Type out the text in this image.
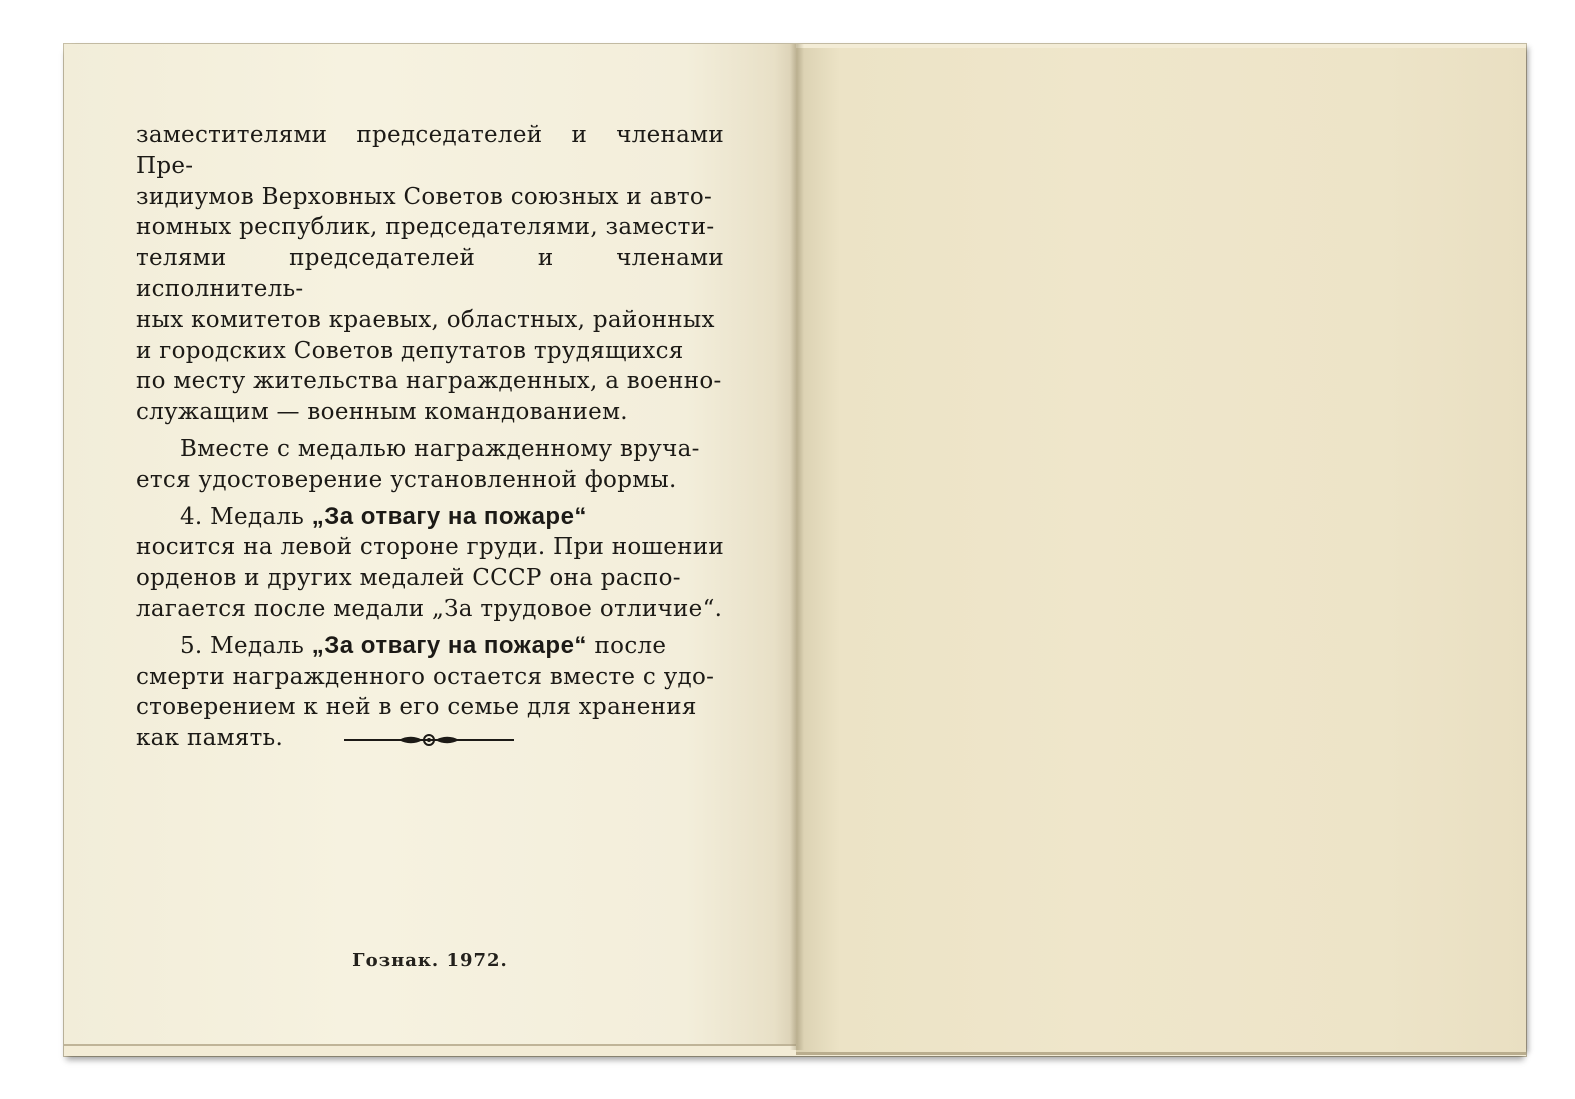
заместителями председателей и членами Пре-
зидиумов Верховных Советов союзных и авто-
номных республик, председателями, замести-
телями председателей и членами исполнитель-
ных комитетов краевых, областных, районных
и городских Советов депутатов трудящихся
по месту жительства награжденных, а военно-
служащим — военным командованием.

Вместе с медалью награжденному вруча-
ется удостоверение установленной формы.

4. Медаль „За отвагу на пожаре“
носится на левой стороне груди. При ношении
орденов и других медалей СССР она распо-
лагается после медали „За трудовое отличие“.

5. Медаль „За отвагу на пожаре“ после
смерти награжденного остается вместе с удо-
стоверением к ней в его семье для хранения
как память.

Гознак. 1972.
